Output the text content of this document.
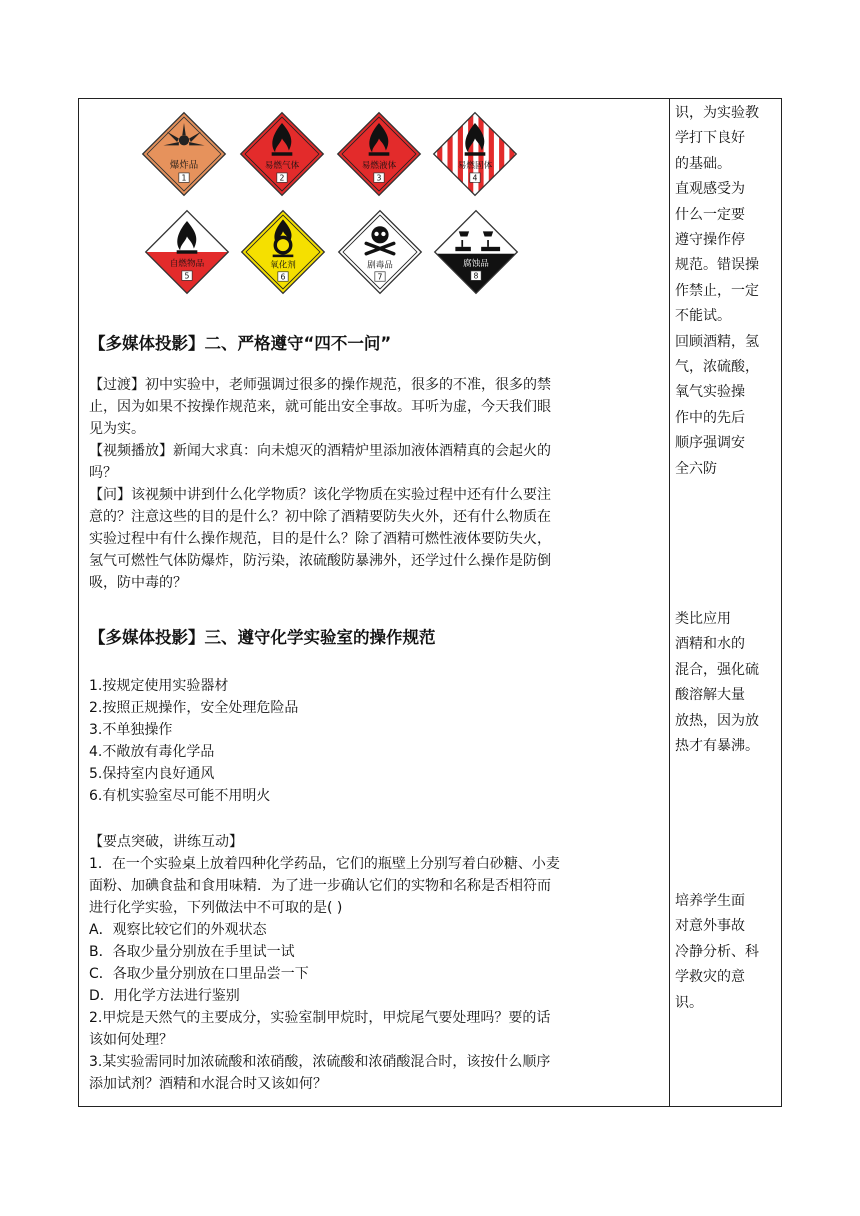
爆炸品
1
易燃气体
2
易燃液体
3
易燃固体
4
自燃物品
5
氧化剂
6
剧毒品
7
腐蚀品
8
【多媒体投影】二、严格遵守“四不一问”
【过渡】初中实验中，老师强调过很多的操作规范，很多的不准，很多的禁
止，因为如果不按操作规范来，就可能出安全事故。耳听为虚，今天我们眼
见为实。
【视频播放】新闻大求真：向未熄灭的酒精炉里添加液体酒精真的会起火的
吗？
【问】该视频中讲到什么化学物质？该化学物质在实验过程中还有什么要注
意的？注意这些的目的是什么？初中除了酒精要防失火外，还有什么物质在
实验过程中有什么操作规范，目的是什么？除了酒精可燃性液体要防失火，
氢气可燃性气体防爆炸，防污染，浓硫酸防暴沸外，还学过什么操作是防倒
吸，防中毒的？
【多媒体投影】三、遵守化学实验室的操作规范
1.按规定使用实验器材
2.按照正规操作，安全处理危险品
3.不单独操作
4.不敞放有毒化学品
5.保持室内良好通风
6.有机实验室尽可能不用明火
【要点突破，讲练互动】
1．在一个实验桌上放着四种化学药品，它们的瓶壁上分别写着白砂糖、小麦
面粉、加碘食盐和食用味精．为了进一步确认它们的实物和名称是否相符而
进行化学实验，下列做法中不可取的是( )
A．观察比较它们的外观状态
B．各取少量分别放在手里试一试
C．各取少量分别放在口里品尝一下
D．用化学方法进行鉴别
2.甲烷是天然气的主要成分，实验室制甲烷时，甲烷尾气要处理吗？要的话
该如何处理？
3.某实验需同时加浓硫酸和浓硝酸，浓硫酸和浓硝酸混合时，该按什么顺序
添加试剂？酒精和水混合时又该如何？
识，为实验教
学打下良好
的基础。
直观感受为
什么一定要
遵守操作停
规范。错误操
作禁止，一定
不能试。
回顾酒精，氢
气，浓硫酸，
氧气实验操
作中的先后
顺序强调安
全六防
类比应用
酒精和水的
混合，强化硫
酸溶解大量
放热，因为放
热才有暴沸。
培养学生面
对意外事故
冷静分析、科
学救灾的意
识。
